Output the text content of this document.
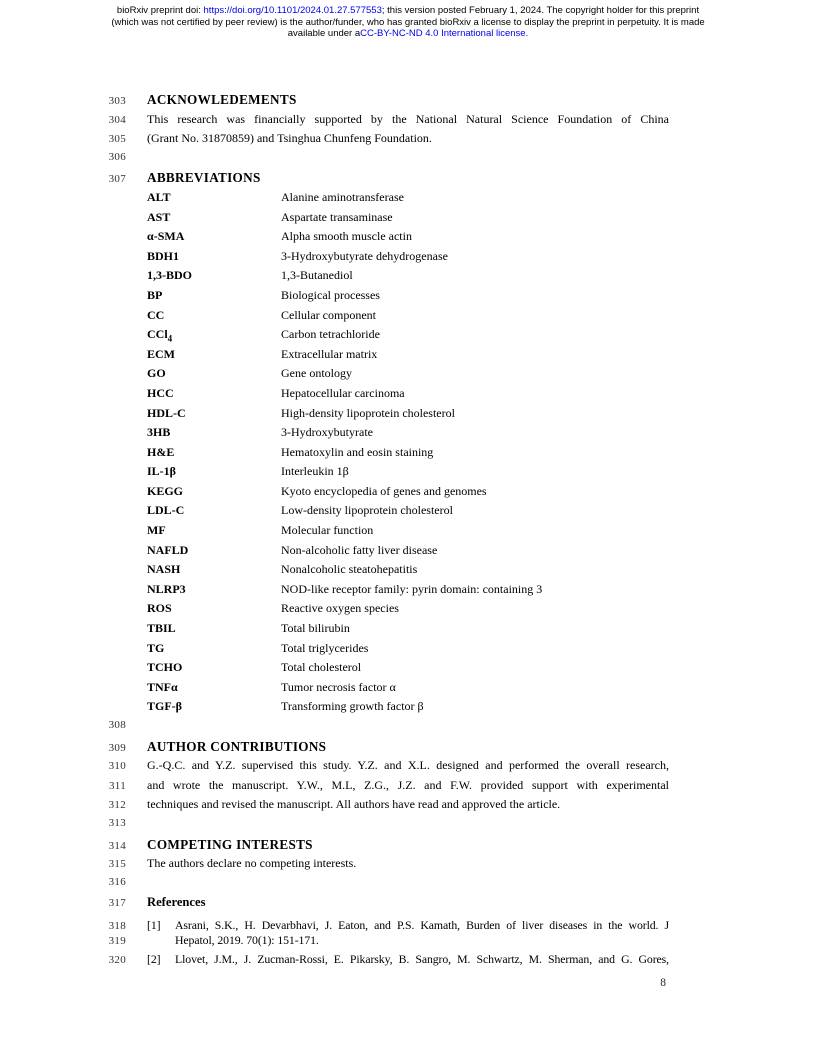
bioRxiv preprint doi: https://doi.org/10.1101/2024.01.27.577553; this version posted February 1, 2024. The copyright holder for this preprint
(which was not certified by peer review) is the author/funder, who has granted bioRxiv a license to display the preprint in perpetuity. It is made
available under aCC-BY-NC-ND 4.0 International license.
303 ACKNOWLEDEMENTS
304 This research was financially supported by the National Natural Science Foundation of China
305 (Grant No. 31870859) and Tsinghua Chunfeng Foundation.
306
307 ABBREVIATIONS
ALT	Alanine aminotransferase
AST	Aspartate transaminase
α-SMA	Alpha smooth muscle actin
BDH1	3-Hydroxybutyrate dehydrogenase
1,3-BDO	1,3-Butanediol
BP	Biological processes
CC	Cellular component
CCl$_4$	Carbon tetrachloride
ECM	Extracellular matrix
GO	Gene ontology
HCC	Hepatocellular carcinoma
HDL-C	High-density lipoprotein cholesterol
3HB	3-Hydroxybutyrate
H&E	Hematoxylin and eosin staining
IL-1β	Interleukin 1β
KEGG	Kyoto encyclopedia of genes and genomes
LDL-C	Low-density lipoprotein cholesterol
MF	Molecular function
NAFLD	Non-alcoholic fatty liver disease
NASH	Nonalcoholic steatohepatitis
NLRP3	NOD-like receptor family: pyrin domain: containing 3
ROS	Reactive oxygen species
TBIL	Total bilirubin
TG	Total triglycerides
TCHO	Total cholesterol
TNFα	Tumor necrosis factor α
TGF-β	Transforming growth factor β
308
309 AUTHOR CONTRIBUTIONS
310 G.-Q.C. and Y.Z. supervised this study. Y.Z. and X.L. designed and performed the overall research,
311 and wrote the manuscript. Y.W., M.L, Z.G., J.Z. and F.W. provided support with experimental
312 techniques and revised the manuscript. All authors have read and approved the article.
313
314 COMPETING INTERESTS
315 The authors declare no competing interests.
316
317 References
318 [1]	Asrani, S.K., H. Devarbhavi, J. Eaton, and P.S. Kamath, Burden of liver diseases in the world. J
319	Hepatol, 2019. 70(1): 151-171.
320 [2]	Llovet, J.M., J. Zucman-Rossi, E. Pikarsky, B. Sangro, M. Schwartz, M. Sherman, and G. Gores,
8
